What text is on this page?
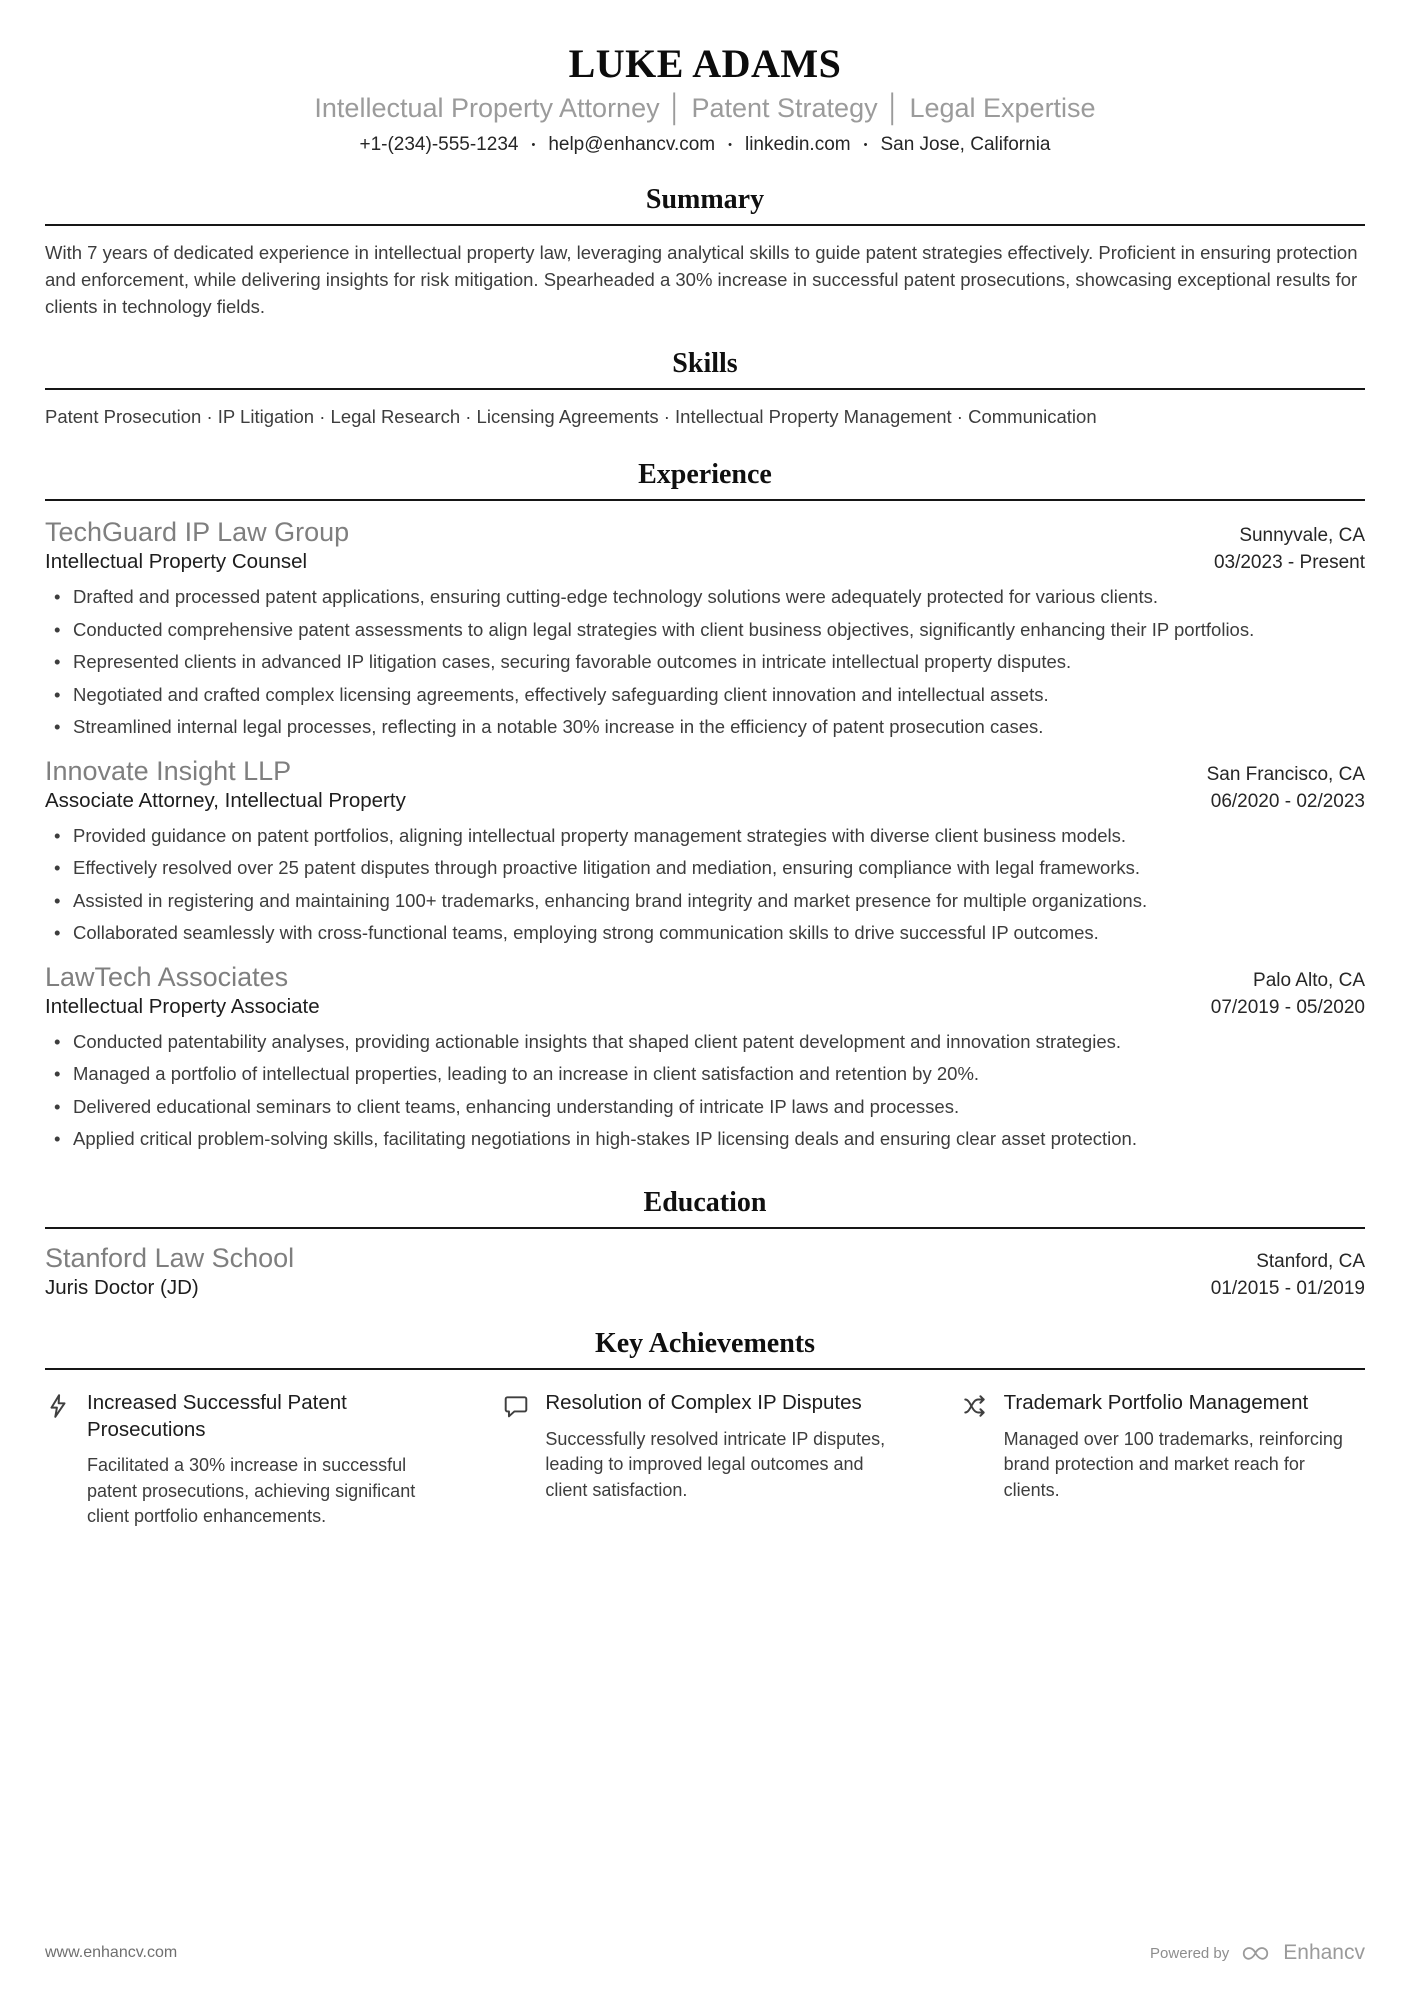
LUKE ADAMS
Intellectual Property Attorney │ Patent Strategy │ Legal Expertise
+1-(234)-555-1234 • help@enhancv.com • linkedin.com • San Jose, California
Summary

With 7 years of dedicated experience in intellectual property law, leveraging analytical skills to guide patent strategies effectively. Proficient in ensuring protection and enforcement, while delivering insights for risk mitigation. Spearheaded a 30% increase in successful patent prosecutions, showcasing exceptional results for clients in technology fields.

Skills

Patent Prosecution · IP Litigation · Legal Research · Licensing Agreements · Intellectual Property Management · Communication

Experience
TechGuard IP Law Group	Sunnyvale, CA
Intellectual Property Counsel	03/2023 - Present
• Drafted and processed patent applications, ensuring cutting-edge technology solutions were adequately protected for various clients.
• Conducted comprehensive patent assessments to align legal strategies with client business objectives, significantly enhancing their IP portfolios.
• Represented clients in advanced IP litigation cases, securing favorable outcomes in intricate intellectual property disputes.
• Negotiated and crafted complex licensing agreements, effectively safeguarding client innovation and intellectual assets.
• Streamlined internal legal processes, reflecting in a notable 30% increase in the efficiency of patent prosecution cases.
Innovate Insight LLP	San Francisco, CA
Associate Attorney, Intellectual Property	06/2020 - 02/2023
• Provided guidance on patent portfolios, aligning intellectual property management strategies with diverse client business models.
• Effectively resolved over 25 patent disputes through proactive litigation and mediation, ensuring compliance with legal frameworks.
• Assisted in registering and maintaining 100+ trademarks, enhancing brand integrity and market presence for multiple organizations.
• Collaborated seamlessly with cross-functional teams, employing strong communication skills to drive successful IP outcomes.
LawTech Associates	Palo Alto, CA
Intellectual Property Associate	07/2019 - 05/2020
• Conducted patentability analyses, providing actionable insights that shaped client patent development and innovation strategies.
• Managed a portfolio of intellectual properties, leading to an increase in client satisfaction and retention by 20%.
• Delivered educational seminars to client teams, enhancing understanding of intricate IP laws and processes.
• Applied critical problem-solving skills, facilitating negotiations in high-stakes IP licensing deals and ensuring clear asset protection.
Education
Stanford Law School	Stanford, CA
Juris Doctor (JD)	01/2015 - 01/2019
Key Achievements
Increased Successful Patent Prosecutions
Facilitated a 30% increase in successful patent prosecutions, achieving significant client portfolio enhancements.
Resolution of Complex IP Disputes
Successfully resolved intricate IP disputes, leading to improved legal outcomes and client satisfaction.
Trademark Portfolio Management
Managed over 100 trademarks, reinforcing brand protection and market reach for clients.
www.enhancv.com	Powered by	Enhancv
